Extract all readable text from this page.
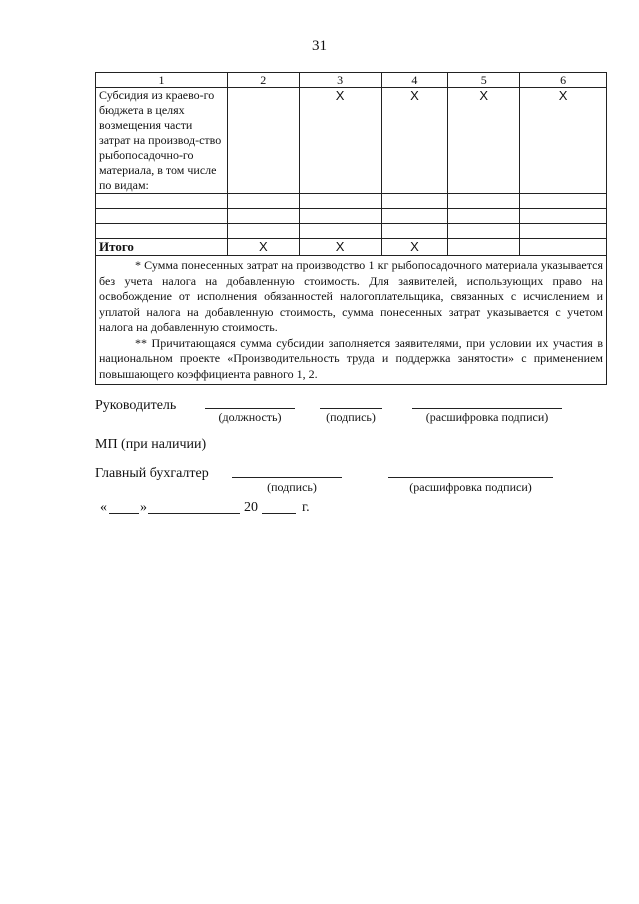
31
1	2	3	4	5	6
Субсидия из краево-го бюджета в целях возмещения части затрат на производ-ство рыбопосадочно-го материала, в том числе по видам:		X	X	X	X

Итого	X	X	X		

* Сумма понесенных затрат на производство 1 кг рыбопосадочного материала указывается без учета налога на добавленную стоимость. Для заявителей, использующих право на освобождение от исполнения обязанностей налогоплательщика, связанных с исчислением и уплатой налога на добавленную стоимость, сумма понесенных затрат указывается с учетом налога на добавленную стоимость.
** Причитающаяся сумма субсидии заполняется заявителями, при условии их участия в национальном проекте «Производительность труда и поддержка занятости» с применением повышающего коэффициента равного 1, 2.					
Руководитель
(должность)	(подпись)	(расшифровка подписи)
МП (при наличии)
Главный бухгалтер
(подпись)	(расшифровка подписи)
« »	20	г.
